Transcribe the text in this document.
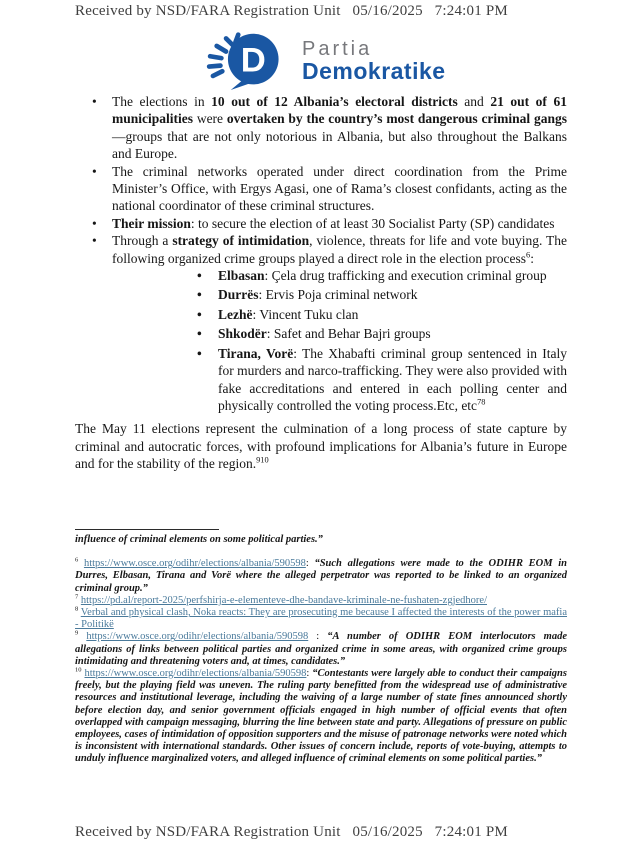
Received by NSD/FARA Registration Unit   05/16/2025   7:24:01 PM
D Partia
Demokratike
• The elections in 10 out of 12 Albania’s electoral districts and 21 out of 61 municipalities were overtaken by the country’s most dangerous criminal gangs—groups that are not only notorious in Albania, but also throughout the Balkans and Europe.
• The criminal networks operated under direct coordination from the Prime Minister’s Office, with Ergys Agasi, one of Rama’s closest confidants, acting as the national coordinator of these criminal structures.
• Their mission: to secure the election of at least 30 Socialist Party (SP) candidates
• Through a strategy of intimidation, violence, threats for life and vote buying. The following organized crime groups played a direct role in the election process$^6$:
• Elbasan: Çela drug trafficking and execution criminal group
• Durrës: Ervis Poja criminal network
• Lezhë: Vincent Tuku clan
• Shkodër: Safet and Behar Bajri groups
• Tirana, Vorë: The Xhabafti criminal group sentenced in Italy for murders and narco-trafficking. They were also provided with fake accreditations and entered in each polling center and physically controlled the voting process.Etc, etc$^{78}$

The May 11 elections represent the culmination of a long process of state capture by criminal and autocratic forces, with profound implications for Albania’s future in Europe and for the stability of the region.$^{910}$

influence of criminal elements on some political parties.”

$^6$ https://www.osce.org/odihr/elections/albania/590598: “Such allegations were made to the ODIHR EOM in Durres, Elbasan, Tirana and Vorë where the alleged perpetrator was reported to be linked to an organized criminal group.”

$^7$ https://pd.al/report-2025/perfshirja-e-elementeve-dhe-bandave-kriminale-ne-fushaten-zgjedhore/

$^8$ Verbal and physical clash, Noka reacts: They are prosecuting me because I affected the interests of the power mafia - Politikë

$^9$ https://www.osce.org/odihr/elections/albania/590598 : “A number of ODIHR EOM interlocutors made allegations of links between political parties and organized crime in some areas, with organized crime groups intimidating and threatening voters and, at times, candidates.”

$^{10}$ https://www.osce.org/odihr/elections/albania/590598: “Contestants were largely able to conduct their campaigns freely, but the playing field was uneven. The ruling party benefitted from the widespread use of administrative resources and institutional leverage, including the waiving of a large number of state fines announced shortly before election day, and senior government officials engaged in high number of official events that often overlapped with campaign messaging, blurring the line between state and party. Allegations of pressure on public employees, cases of intimidation of opposition supporters and the misuse of patronage networks were noted which is inconsistent with international standards. Other issues of concern include, reports of vote-buying, attempts to unduly influence marginalized voters, and alleged influence of criminal elements on some political parties.”

Received by NSD/FARA Registration Unit   05/16/2025   7:24:01 PM
